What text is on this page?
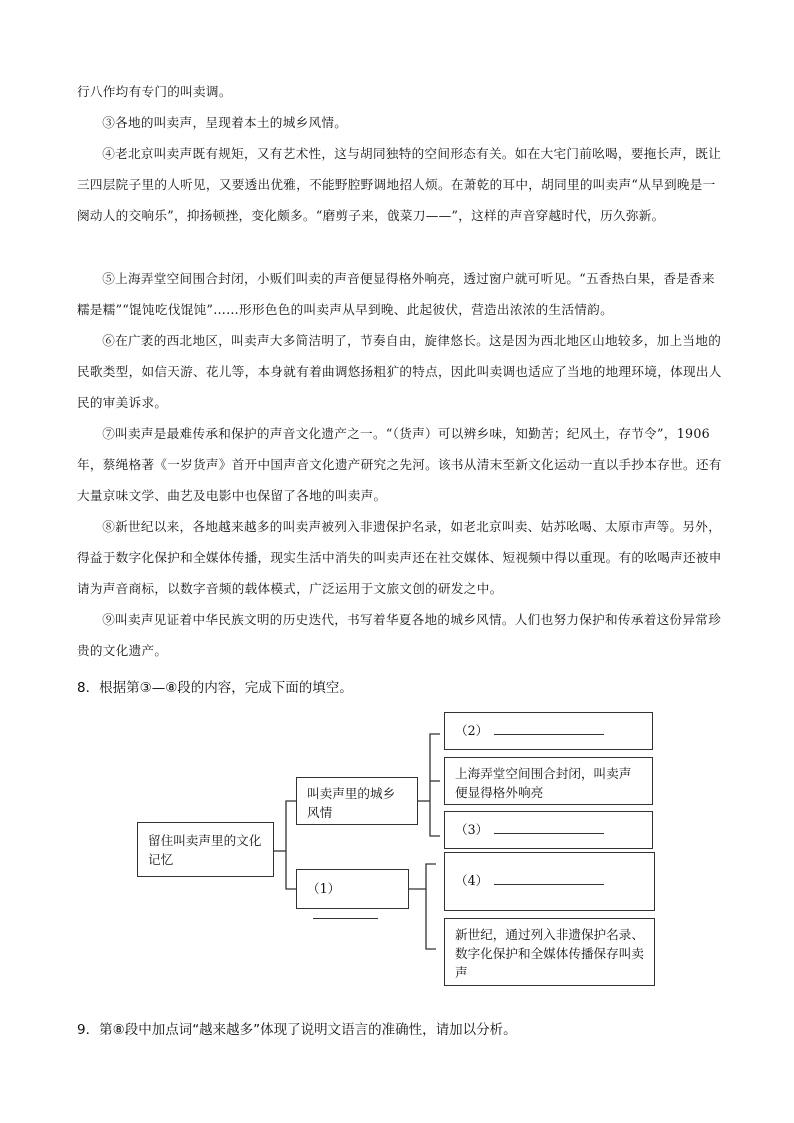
行八作均有专门的叫卖调。
③各地的叫卖声，呈现着本土的城乡风情。
④老北京叫卖声既有规矩，又有艺术性，这与胡同独特的空间形态有关。如在大宅门前吆喝，要拖长声，既让三四层院子里的人听见，又要透出优雅，不能野腔野调地招人烦。在萧乾的耳中，胡同里的叫卖声“从早到晚是一阕动人的交响乐”，抑扬顿挫，变化颇多。“磨剪子来，戗菜刀——”，这样的声音穿越时代，历久弥新。
⑤上海弄堂空间围合封闭，小贩们叫卖的声音便显得格外响亮，透过窗户就可听见。“五香热白果，香是香来糯是糯”“馄饨吃伐馄饨”……形形色色的叫卖声从早到晚、此起彼伏，营造出浓浓的生活情韵。
⑥在广袤的西北地区，叫卖声大多简洁明了，节奏自由，旋律悠长。这是因为西北地区山地较多，加上当地的民歌类型，如信天游、花儿等，本身就有着曲调悠扬粗犷的特点，因此叫卖调也适应了当地的地理环境，体现出人民的审美诉求。
⑦叫卖声是最难传承和保护的声音文化遗产之一。“（货声）可以辨乡味，知勤苦；纪风土，存节令”，1906年，蔡绳格著《一岁货声》首开中国声音文化遗产研究之先河。该书从清末至新文化运动一直以手抄本存世。还有大量京味文学、曲艺及电影中也保留了各地的叫卖声。
⑧新世纪以来，各地越来越多的叫卖声被列入非遗保护名录，如老北京叫卖、姑苏吆喝、太原市声等。另外，得益于数字化保护和全媒体传播，现实生活中消失的叫卖声还在社交媒体、短视频中得以重现。有的吆喝声还被申请为声音商标，以数字音频的载体模式，广泛运用于文旅文创的研发之中。
⑨叫卖声见证着中华民族文明的历史迭代，书写着华夏各地的城乡风情。人们也努力保护和传承着这份异常珍贵的文化遗产。
8．根据第③—⑧段的内容，完成下面的填空。
留住叫卖声里的文化记忆
叫卖声里的城乡风情
（1）
（2）
上海弄堂空间围合封闭，叫卖声便显得格外响亮
（3）
（4）
新世纪，通过列入非遗保护名录、数字化保护和全媒体传播保存叫卖声
9．第⑧段中加点词“越来越多”体现了说明文语言的准确性，请加以分析。
